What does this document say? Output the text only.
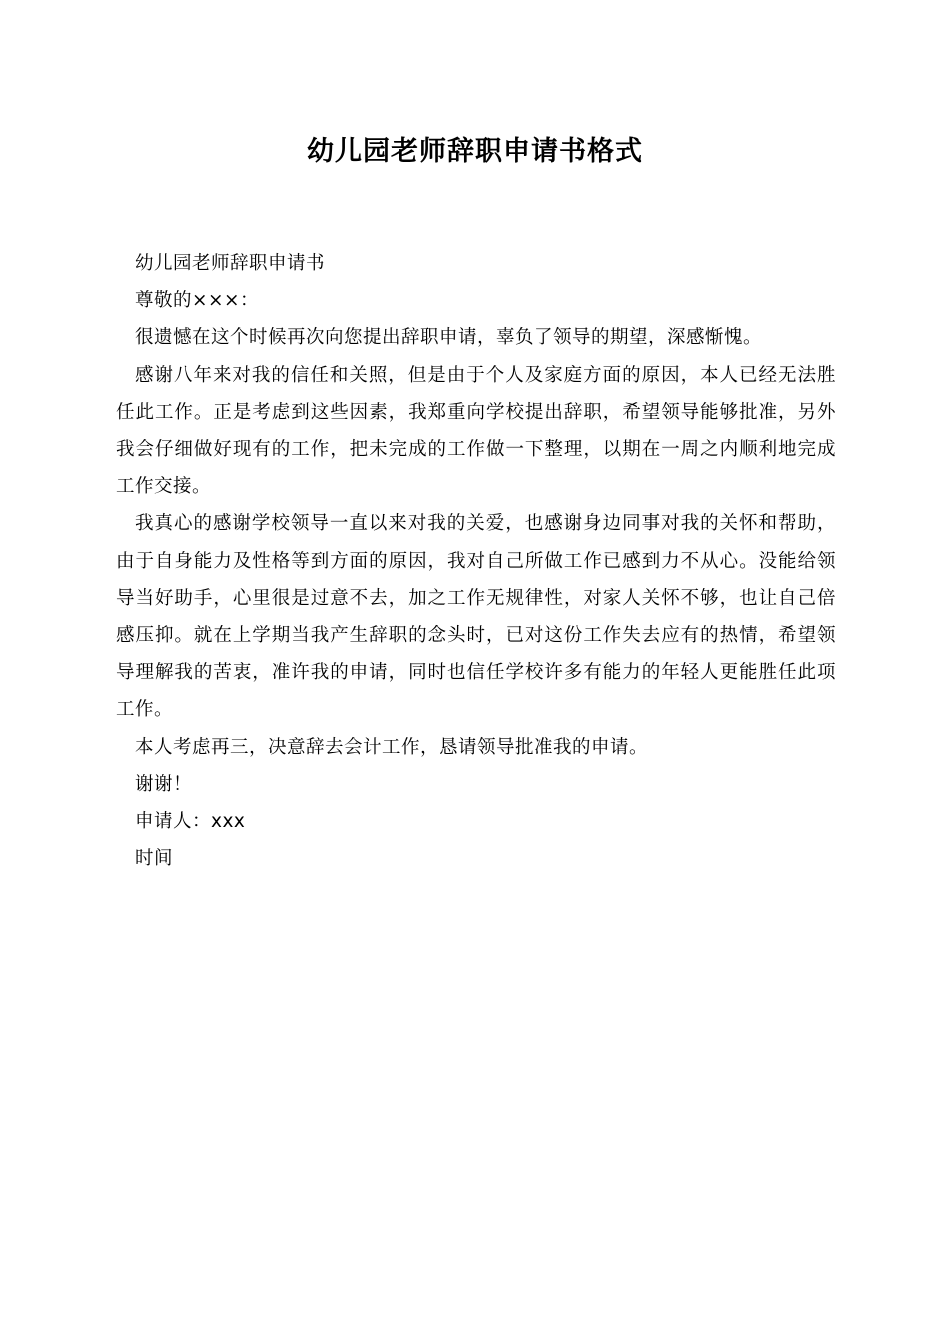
幼儿园老师辞职申请书格式

幼儿园老师辞职申请书

尊敬的×××：

很遗憾在这个时候再次向您提出辞职申请，辜负了领导的期望，深感惭愧。

感谢八年来对我的信任和关照，但是由于个人及家庭方面的原因，本人已经无法胜任此工作。正是考虑到这些因素，我郑重向学校提出辞职，希望领导能够批准，另外我会仔细做好现有的工作，把未完成的工作做一下整理，以期在一周之内顺利地完成工作交接。

我真心的感谢学校领导一直以来对我的关爱，也感谢身边同事对我的关怀和帮助，由于自身能力及性格等到方面的原因，我对自己所做工作已感到力不从心。没能给领导当好助手，心里很是过意不去，加之工作无规律性，对家人关怀不够，也让自己倍感压抑。就在上学期当我产生辞职的念头时，已对这份工作失去应有的热情，希望领导理解我的苦衷，准许我的申请，同时也信任学校许多有能力的年轻人更能胜任此项工作。

本人考虑再三，决意辞去会计工作，恳请领导批准我的申请。

谢谢！

申请人：xxx

时间
